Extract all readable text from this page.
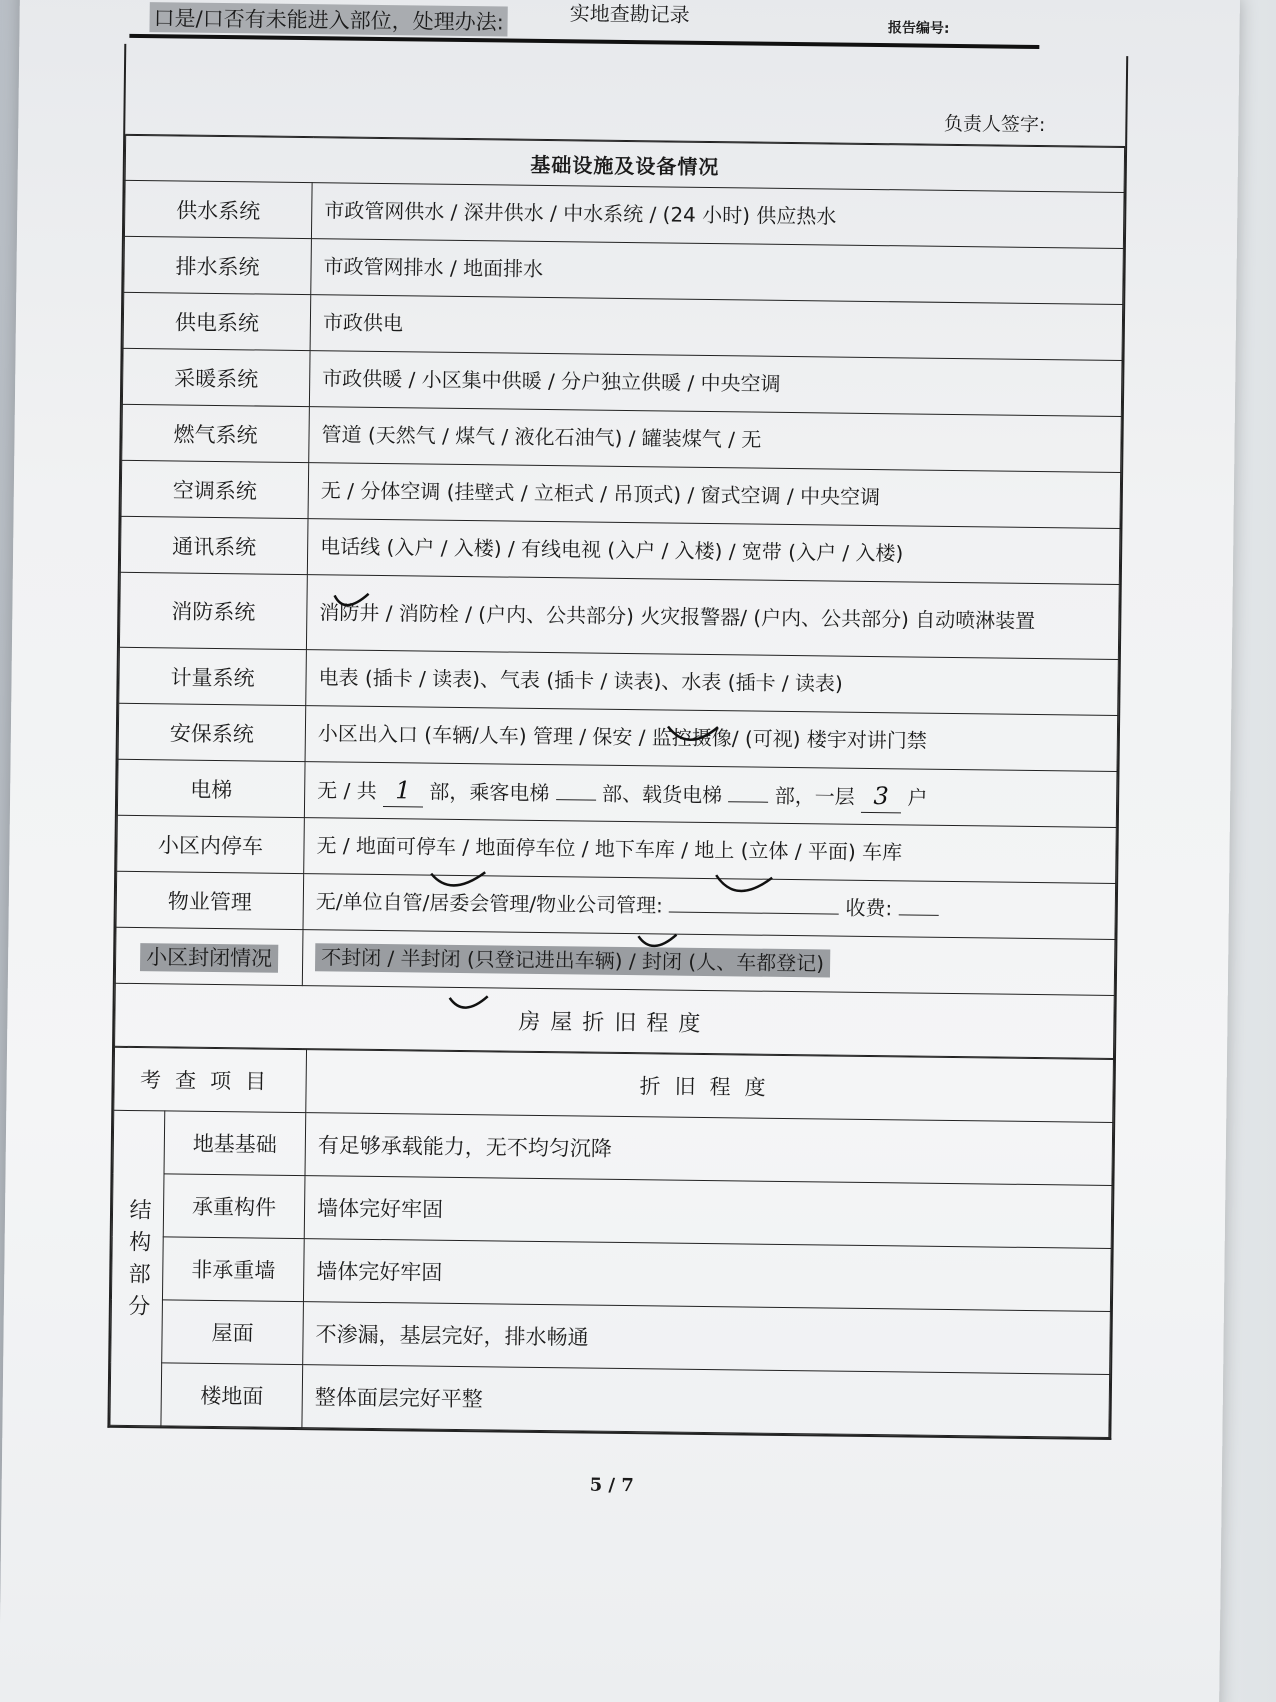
实地查勘记录
报告编号:
口是/口否有未能进入部位，处理办法:
负责人签字:
基础设施及设备情况	
供水系统	市政管网供水 / 深井供水 / 中水系统 / (24 小时) 供应热水
排水系统	市政管网排水 / 地面排水
供电系统	市政供电
采暖系统	市政供暖 / 小区集中供暖 / 分户独立供暖 / 中央空调
燃气系统	管道 (天然气 / 煤气 / 液化石油气) / 罐装煤气 / 无
空调系统	无 / 分体空调 (挂壁式 / 立柜式 / 吊顶式) / 窗式空调 / 中央空调
通讯系统	电话线 (入户 / 入楼) / 有线电视 (入户 / 入楼) / 宽带 (入户 / 入楼)
消防系统	消防井 / 消防栓 / (户内、公共部分) 火灾报警器/ (户内、公共部分) 自动喷淋装置
计量系统	电表 (插卡 / 读表)、气表 (插卡 / 读表)、水表 (插卡 / 读表)
安保系统	小区出入口 (车辆/人车) 管理 / 保安 / 监控摄像/ (可视) 楼宇对讲门禁
电梯	无 / 共 1 部，乘客电梯 部、载货电梯 部，一层 3 户
小区内停车	无 / 地面可停车 / 地面停车位 / 地下车库 / 地上 (立体 / 平面) 车库
物业管理	无/单位自管/居委会管理/物业公司管理: 收费:
小区封闭情况	不封闭 / 半封闭 (只登记进出车辆) / 封闭 (人、车都登记)
房屋折旧程度	
考查项目		折旧程度
结构部分	地基基础	有足够承载能力，无不均匀沉降
	承重构件	墙体完好牢固
	非承重墙	墙体完好牢固
	屋面	不渗漏，基层完好，排水畅通
	楼地面	整体面层完好平整
5 / 7
